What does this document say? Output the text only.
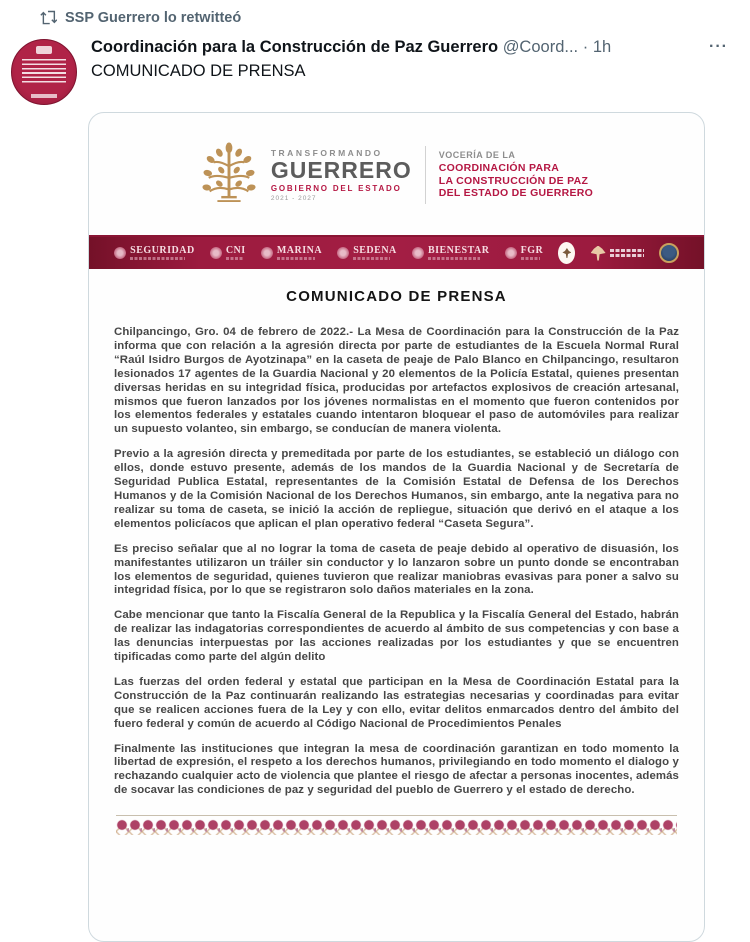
SSP Guerrero lo retwitteó
Coordinación para la Construcción de Paz Guerrero @Coord... · 1h	···
COMUNICADO DE PRENSA
TRANSFORMANDO
GUERRERO
GOBIERNO DEL ESTADO
2021 - 2027
VOCERÍA DE LA
COORDINACIÓN PARA
LA CONSTRUCCIÓN DE PAZ
DEL ESTADO DE GUERRERO
SEGURIDAD	CNI	MARINA	SEDENA	BIENESTAR	FGR
COMUNICADO DE PRENSA

Chilpancingo, Gro. 04 de febrero de 2022.- La Mesa de Coordinación para la Construcción de la Paz informa que con relación a la agresión directa por parte de estudiantes de la Escuela Normal Rural “Raúl Isidro Burgos de Ayotzinapa” en la caseta de peaje de Palo Blanco en Chilpancingo, resultaron lesionados 17 agentes de la Guardia Nacional y 20 elementos de la Policía Estatal, quienes presentan diversas heridas en su integridad física, producidas por artefactos explosivos de creación artesanal, mismos que fueron lanzados por los jóvenes normalistas en el momento que fueron contenidos por los elementos federales y estatales cuando intentaron bloquear el paso de automóviles para realizar un supuesto volanteo, sin embargo, se conducían de manera violenta.

Previo a la agresión directa y premeditada por parte de los estudiantes, se estableció un diálogo con ellos, donde estuvo presente, además de los mandos de la Guardia Nacional y de Secretaría de Seguridad Publica Estatal, representantes de la Comisión Estatal de Defensa de los Derechos Humanos y de la Comisión Nacional de los Derechos Humanos, sin embargo, ante la negativa para no realizar su toma de caseta, se inició la acción de repliegue, situación que derivó en el ataque a los elementos policíacos que aplican el plan operativo federal “Caseta Segura”.

Es preciso señalar que al no lograr la toma de caseta de peaje debido al operativo de disuasión, los manifestantes utilizaron un tráiler sin conductor y lo lanzaron sobre un punto donde se encontraban los elementos de seguridad, quienes tuvieron que realizar maniobras evasivas para poner a salvo su integridad física, por lo que se registraron solo daños materiales en la zona.

Cabe mencionar que tanto la Fiscalía General de la Republica y la Fiscalía General del Estado, habrán de realizar las indagatorias correspondientes de acuerdo al ámbito de sus competencias y con base a las denuncias interpuestas por las acciones realizadas por los estudiantes y que se encuentren tipificadas como parte del algún delito

Las fuerzas del orden federal y estatal que participan en la Mesa de Coordinación Estatal para la Construcción de la Paz continuarán realizando las estrategias necesarias y coordinadas para evitar que se realicen acciones fuera de la Ley y con ello, evitar delitos enmarcados dentro del ámbito del fuero federal y común de acuerdo al Código Nacional de Procedimientos Penales

Finalmente las instituciones que integran la mesa de coordinación garantizan en todo momento la libertad de expresión, el respeto a los derechos humanos, privilegiando en todo momento el dialogo y rechazando cualquier acto de violencia que plantee el riesgo de afectar a personas inocentes, además de socavar las condiciones de paz y seguridad del pueblo de Guerrero y el estado de derecho.
